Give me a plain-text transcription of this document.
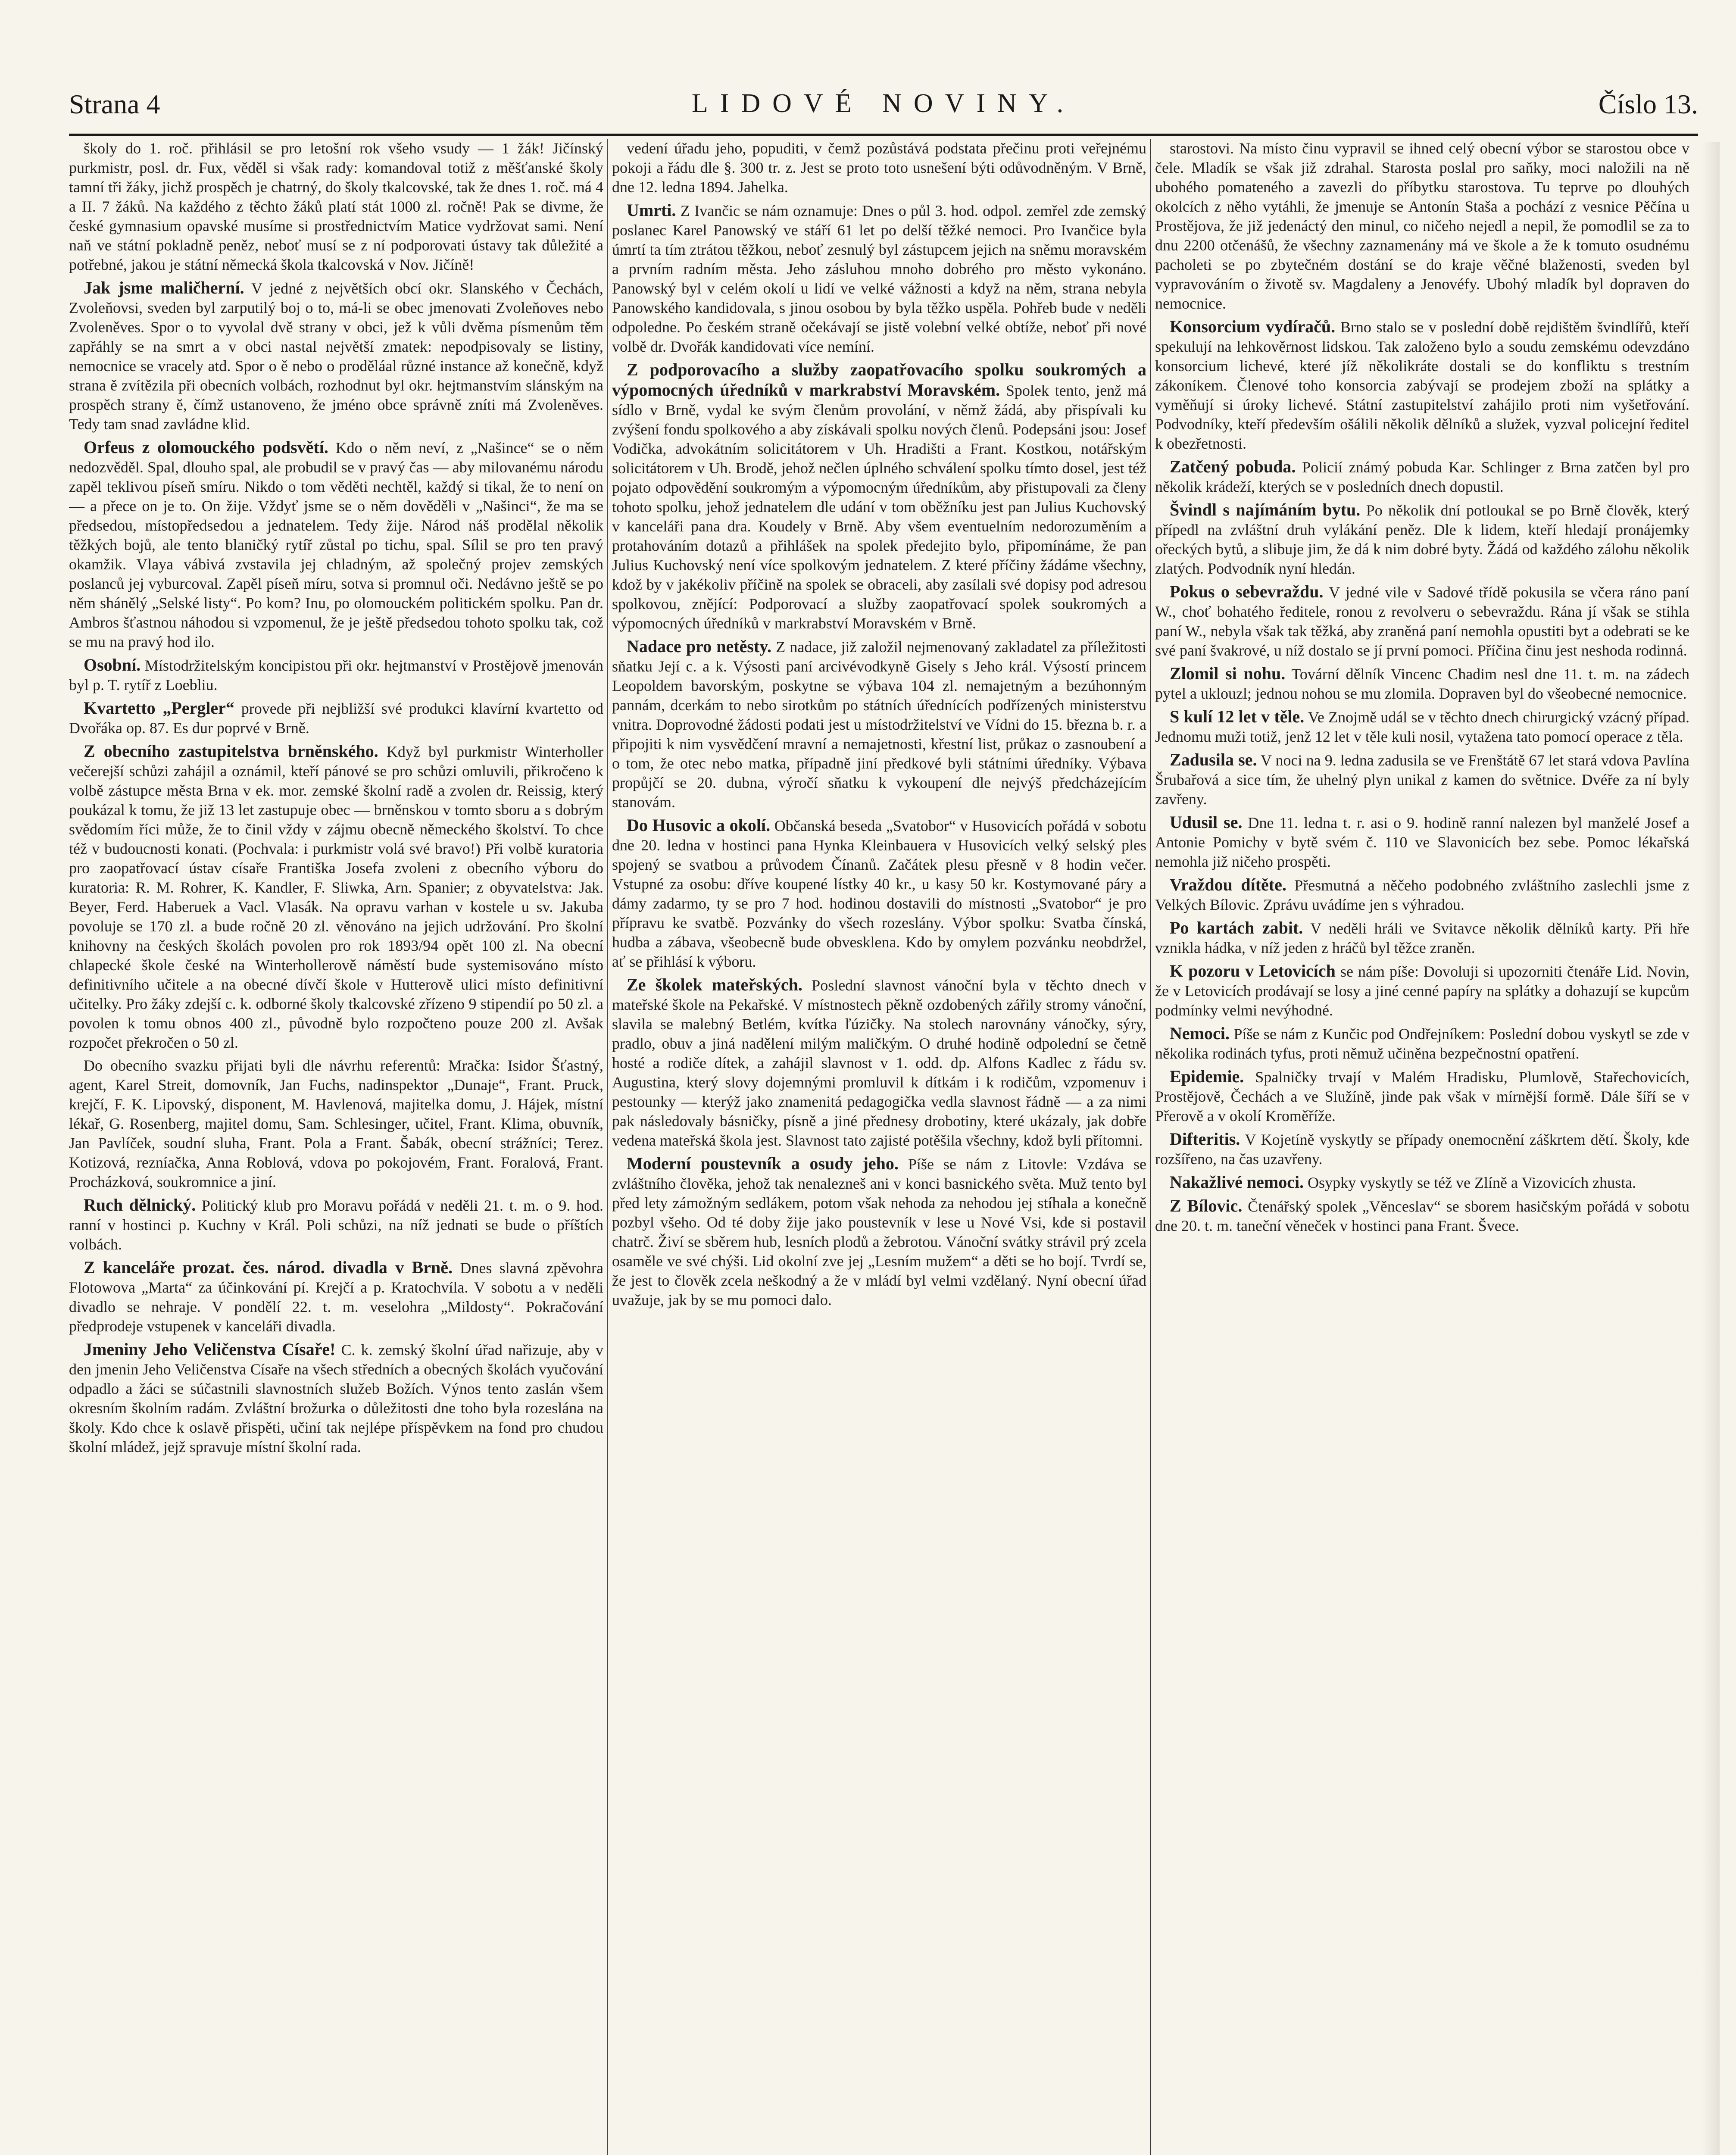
Strana 4	LIDOVÉ NOVINY.	Číslo 13.

školy do 1. roč. přihlásil se pro letošní rok všeho vsudy — 1 žák! Jičínský purkmistr, posl. dr. Fux, věděl si však rady: komandoval totiž z měšťanské školy tamní tři žáky, jichž prospěch je chatrný, do školy tkalcovské, tak že dnes 1. roč. má 4 a II. 7 žáků. Na každého z těchto žáků platí stát 1000 zl. ročně! Pak se divme, že české gymnasium opavské musíme si prostřednictvím Matice vydržovat sami. Není naň ve státní pokladně peněz, neboť musí se z ní podporovati ústavy tak důležité a potřebné, jakou je státní německá škola tkalcovská v Nov. Jičíně!

Jak jsme maličherní. V jedné z největších obcí okr. Slanského v Čechách, Zvoleňovsi, sveden byl zarputilý boj o to, má-li se obec jmenovati Zvoleňoves nebo Zvoleněves. Spor o to vyvolal dvě strany v obci, jež k vůli dvěma písmenům těm zapřáhly se na smrt a v obci nastal největší zmatek: nepodpisovaly se listiny, nemocnice se vracely atd. Spor o ě nebo o proděláal různé instance až konečně, když strana ě zvítězila při obecních volbách, rozhodnut byl okr. hejtmanstvím slánským na prospěch strany ě, čímž ustanoveno, že jméno obce správně zníti má Zvoleněves. Tedy tam snad zavládne klid.

Orfeus z olomouckého podsvětí. Kdo o něm neví, z „Našince“ se o něm nedozvěděl. Spal, dlouho spal, ale probudil se v pravý čas — aby milovanému národu zapěl teklivou píseň smíru. Nikdo o tom věděti nechtěl, každý si tikal, že to není on — a přece on je to. On žije. Vždyť jsme se o něm dověděli v „Našinci“, že ma se předsedou, místopředsedou a jednatelem. Tedy žije. Národ náš prodělal několik těžkých bojů, ale tento blaničký rytíř zůstal po tichu, spal. Sílil se pro ten pravý okamžik. Vlaya vábivá zvstavila jej chladným, až společný projev zemských poslanců jej vyburcoval. Zapěl píseň míru, sotva si promnul oči. Nedávno ještě se po něm shánělý „Selské listy“. Po kom? Inu, po olomouckém politickém spolku. Pan dr. Ambros šťastnou náhodou si vzpomenul, že je ještě předsedou tohoto spolku tak, což se mu na pravý hod ilo.

Osobní. Místodržitelským koncipistou při okr. hejtmanství v Prostějově jmenován byl p. T. rytíř z Loebliu.

Kvartetto „Pergler“ provede při nejbližší své produkci klavírní kvartetto od Dvořáka op. 87. Es dur poprvé v Brně.

Z obecního zastupitelstva brněnského. Když byl purkmistr Winterholler večerejší schůzi zahájil a oznámil, kteří pánové se pro schůzi omluvili, přikročeno k volbě zástupce města Brna v ek. mor. zemské školní radě a zvolen dr. Reissig, který poukázal k tomu, že již 13 let zastupuje obec — brněnskou v tomto sboru a s dobrým svědomím říci může, že to činil vždy v zájmu obecně německého školství. To chce též v budoucnosti konati. (Pochvala: i purkmistr volá své bravo!) Při volbě kuratoria pro zaopatřovací ústav císaře Františka Josefa zvoleni z obecního výboru do kuratoria: R. M. Rohrer, K. Kandler, F. Sliwka, Arn. Spanier; z obyvatelstva: Jak. Beyer, Ferd. Haberuek a Vacl. Vlasák. Na opravu varhan v kostele u sv. Jakuba povoluje se 170 zl. a bude ročně 20 zl. věnováno na jejich udržování. Pro školní knihovny na českých školách povolen pro rok 1893/94 opět 100 zl. Na obecní chlapecké škole české na Winterhollerově náměstí bude systemisováno místo definitivního učitele a na obecné dívčí škole v Hutterově ulici místo definitivní učitelky. Pro žáky zdejší c. k. odborné školy tkalcovské zřízeno 9 stipendií po 50 zl. a povolen k tomu obnos 400 zl., původně bylo rozpočteno pouze 200 zl. Avšak rozpočet překročen o 50 zl.

Do obecního svazku přijati byli dle návrhu referentů: Mračka: Isidor Šťastný, agent, Karel Streit, domovník, Jan Fuchs, nadinspektor „Dunaje“, Frant. Pruck, krejčí, F. K. Lipovský, disponent, M. Havlenová, majitelka domu, J. Hájek, místní lékař, G. Rosenberg, majitel domu, Sam. Schlesinger, učitel, Frant. Klima, obuvník, Jan Pavlíček, soudní sluha, Frant. Pola a Frant. Šabák, obecní strážníci; Terez. Kotizová, rezníačka, Anna Roblová, vdova po pokojovém, Frant. Foralová, Frant. Procházková, soukromnice a jiní.

Ruch dělnický. Politický klub pro Moravu pořádá v neděli 21. t. m. o 9. hod. ranní v hostinci p. Kuchny v Král. Poli schůzi, na níž jednati se bude o příštích volbách.

Z kanceláře prozat. čes. národ. divadla v Brně. Dnes slavná zpěvohra Flotowova „Marta“ za účinkování pí. Krejčí a p. Kratochvíla. V sobotu a v neděli divadlo se nehraje. V pondělí 22. t. m. veselohra „Mildosty“. Pokračování předprodeje vstupenek v kanceláři divadla.

Jmeniny Jeho Veličenstva Císaře! C. k. zemský školní úřad nařizuje, aby v den jmenin Jeho Veličenstva Císaře na všech středních a obecných školách vyučování odpadlo a žáci se súčastnili slavnostních služeb Božích. Výnos tento zaslán všem okresním školním radám. Zvláštní brožurka o důležitosti dne toho byla rozeslána na školy. Kdo chce k oslavě přispěti, učiní tak nejlépe příspěvkem na fond pro chudou školní mládež, jejž spravuje místní školní rada.

vedení úřadu jeho, popuditi, v čemž pozůstává podstata přečinu proti veřejnému pokoji a řádu dle §. 300 tr. z. Jest se proto toto usnešení býti odůvodněným. V Brně, dne 12. ledna 1894. Jahelka.

Umrti. Z Ivančic se nám oznamuje: Dnes o půl 3. hod. odpol. zemřel zde zemský poslanec Karel Panowský ve stáří 61 let po delší těžké nemoci. Pro Ivančice byla úmrtí ta tím ztrátou těžkou, neboť zesnulý byl zástupcem jejich na sněmu moravském a prvním radním města. Jeho zásluhou mnoho dobrého pro město vykonáno. Panowský byl v celém okolí u lidí ve velké vážnosti a když na něm, strana nebyla Panowského kandidovala, s jinou osobou by byla těžko uspěla. Pohřeb bude v neděli odpoledne. Po českém straně očekávají se jistě volební velké obtíže, neboť při nové volbě dr. Dvořák kandidovati více nemíní.

Z podporovacího a služby zaopatřovacího spolku soukromých a výpomocných úředníků v markrabství Moravském. Spolek tento, jenž má sídlo v Brně, vydal ke svým členům provolání, v němž žádá, aby přispívali ku zvýšení fondu spolkového a aby získávali spolku nových členů. Podepsáni jsou: Josef Vodička, advokátním solicitátorem v Uh. Hradišti a Frant. Kostkou, notářským solicitátorem v Uh. Brodě, jehož nečlen úplného schválení spolku tímto dosel, jest též pojato odpovědění soukromým a výpomocným úředníkům, aby přistupovali za členy tohoto spolku, jehož jednatelem dle udání v tom oběžníku jest pan Julius Kuchovský v kanceláři pana dra. Koudely v Brně. Aby všem eventuelním nedorozuměním a protahováním dotazů a přihlášek na spolek předejito bylo, připomínáme, že pan Julius Kuchovský není více spolkovým jednatelem. Z které příčiny žádáme všechny, kdož by v jakékoliv příčině na spolek se obraceli, aby zasílali své dopisy pod adresou spolkovou, znějící: Podporovací a služby zaopatřovací spolek soukromých a výpomocných úředníků v markrabství Moravském v Brně.

Nadace pro netěsty. Z nadace, již založil nejmenovaný zakladatel za příležitosti sňatku Její c. a k. Výsosti paní arcivévodkyně Gisely s Jeho král. Výsostí princem Leopoldem bavorským, poskytne se výbava 104 zl. nemajetným a bezúhonným pannám, dcerkám to nebo sirotkům po státních úřednících podřízených ministerstvu vnitra. Doprovodné žádosti podati jest u místodržitelství ve Vídni do 15. března b. r. a připojiti k nim vysvědčení mravní a nemajetnosti, křestní list, průkaz o zasnoubení a o tom, že otec nebo matka, případně jiní předkové byli státními úředníky. Výbava propůjčí se 20. dubna, výročí sňatku k vykoupení dle nejvýš předcházejícím stanovám.

Do Husovic a okolí. Občanská beseda „Svatobor“ v Husovicích pořádá v sobotu dne 20. ledna v hostinci pana Hynka Kleinbauera v Husovicích velký selský ples spojený se svatbou a průvodem Čínanů. Začátek plesu přesně v 8 hodin večer. Vstupné za osobu: dříve koupené lístky 40 kr., u kasy 50 kr. Kostymované páry a dámy zadarmo, ty se pro 7 hod. hodinou dostavili do místnosti „Svatobor“ je pro přípravu ke svatbě. Pozvánky do všech rozeslány. Výbor spolku: Svatba čínská, hudba a zábava, všeobecně bude obvesklena. Kdo by omylem pozvánku neobdržel, ať se přihlásí k výboru.

Ze školek mateřských. Poslední slavnost vánoční byla v těchto dnech v mateřské škole na Pekařské. V místnostech pěkně ozdobených zářily stromy vánoční, slavila se malebný Betlém, kvítka ľúzičky. Na stolech narovnány vánočky, sýry, pradlo, obuv a jiná nadělení milým maličkým. O druhé hodině odpolední se četně hosté a rodiče dítek, a zahájil slavnost v 1. odd. dp. Alfons Kadlec z řádu sv. Augustina, který slovy dojemnými promluvil k dítkám i k rodičům, vzpomenuv i pestounky — kterýž jako znamenitá pedagogička vedla slavnost řádně — a za nimi pak následovaly básničky, písně a jiné přednesy drobotiny, které ukázaly, jak dobře vedena mateřská škola jest. Slavnost tato zajisté potěšila všechny, kdož byli přítomni.

Moderní poustevník a osudy jeho. Píše se nám z Litovle: Vzdáva se zvláštního člověka, jehož tak nenalezneš ani v konci basnického světa. Muž tento byl před lety zámožným sedlákem, potom však nehoda za nehodou jej stíhala a konečně pozbyl všeho. Od té doby žije jako poustevník v lese u Nové Vsi, kde si postavil chatrč. Živí se sběrem hub, lesních plodů a žebrotou. Vánoční svátky strávil prý zcela osaměle ve své chýši. Lid okolní zve jej „Lesním mužem“ a děti se ho bojí. Tvrdí se, že jest to člověk zcela neškodný a že v mládí byl velmi vzdělaný. Nyní obecní úřad uvažuje, jak by se mu pomoci dalo.

starostovi. Na místo činu vypravil se ihned celý obecní výbor se starostou obce v čele. Mladík se však již zdrahal. Starosta poslal pro saňky, moci naložili na ně ubohého pomateného a zavezli do příbytku starostova. Tu teprve po dlouhých okolcích z něho vytáhli, že jmenuje se Antonín Staša a pochází z vesnice Pěčína u Prostějova, že již jedenáctý den minul, co ničeho nejedl a nepil, že pomodlil se za to dnu 2200 otčenášů, že všechny zaznamenány má ve škole a že k tomuto osudnému pacholeti se po zbytečném dostání se do kraje věčné blaženosti, sveden byl vypravováním o životě sv. Magdaleny a Jenovéfy. Ubohý mladík byl dopraven do nemocnice.

Konsorcium vydíračů. Brno stalo se v poslední době rejdištěm švindlířů, kteří spekulují na lehkověrnost lidskou. Tak založeno bylo a soudu zemskému odevzdáno konsorcium lichevé, které jíž několikráte dostali se do konfliktu s trestním zákoníkem. Členové toho konsorcia zabývají se prodejem zboží na splátky a vyměňují si úroky lichevé. Státní zastupitelství zahájilo proti nim vyšetřování. Podvodníky, kteří především ošálili několik dělníků a služek, vyzval policejní ředitel k obezřetnosti.

Zatčený pobuda. Policií známý pobuda Kar. Schlinger z Brna zatčen byl pro několik krádeží, kterých se v posledních dnech dopustil.

Švindl s najímáním bytu. Po několik dní potloukal se po Brně člověk, který přípedl na zvláštní druh vylákání peněz. Dle k lidem, kteří hledají pronájemky ořeckých bytů, a slibuje jim, že dá k nim dobré byty. Žádá od každého zálohu několik zlatých. Podvodník nyní hledán.

Pokus o sebevraždu. V jedné vile v Sadové třídě pokusila se včera ráno paní W., choť bohatého ředitele, ronou z revolveru o sebevraždu. Rána jí však se stihla paní W., nebyla však tak těžká, aby zraněná paní nemohla opustiti byt a odebrati se ke své paní švakrové, u níž dostalo se jí první pomoci. Příčina činu jest neshoda rodinná.

Zlomil si nohu. Tovární dělník Vincenc Chadim nesl dne 11. t. m. na zádech pytel a uklouzl; jednou nohou se mu zlomila. Dopraven byl do všeobecné nemocnice.

S kulí 12 let v těle. Ve Znojmě udál se v těchto dnech chirurgický vzácný případ. Jednomu muži totiž, jenž 12 let v těle kuli nosil, vytažena tato pomocí operace z těla.

Zadusila se. V noci na 9. ledna zadusila se ve Frenštátě 67 let stará vdova Pavlína Šrubařová a sice tím, že uhelný plyn unikal z kamen do světnice. Dvéře za ní byly zavřeny.

Udusil se. Dne 11. ledna t. r. asi o 9. hodině ranní nalezen byl manželé Josef a Antonie Pomichy v bytě svém č. 110 ve Slavonicích bez sebe. Pomoc lékařská nemohla již ničeho prospěti.

Vraždou dítěte. Přesmutná a něčeho podobného zvláštního zaslechli jsme z Velkých Bílovic. Zprávu uvádíme jen s výhradou.

Po kartách zabit. V neděli hráli ve Svitavce několik dělníků karty. Při hře vznikla hádka, v níž jeden z hráčů byl těžce zraněn.

K pozoru v Letovicích se nám píše: Dovoluji si upozorniti čtenáře Lid. Novin, že v Letovicích prodávají se losy a jiné cenné papíry na splátky a dohazují se kupcům podmínky velmi nevýhodné.

Nemoci. Píše se nám z Kunčic pod Ondřejníkem: Poslední dobou vyskytl se zde v několika rodinách tyfus, proti němuž učiněna bezpečnostní opatření.

Epidemie. Spalničky trvají v Malém Hradisku, Plumlově, Stařechovicích, Prostějově, Čechách a ve Služíně, jinde pak však v mírnější formě. Dále šíří se v Přerově a v okolí Kroměříže.

Difteritis. V Kojetíně vyskytly se případy onemocnění záškrtem dětí. Školy, kde rozšířeno, na čas uzavřeny.

Nakažlivé nemoci. Osypky vyskytly se též ve Zlíně a Vizovicích zhusta.

Z Bílovic. Čtenářský spolek „Věnceslav“ se sborem hasičským pořádá v sobotu dne 20. t. m. taneční věneček v hostinci pana Frant. Švece.
